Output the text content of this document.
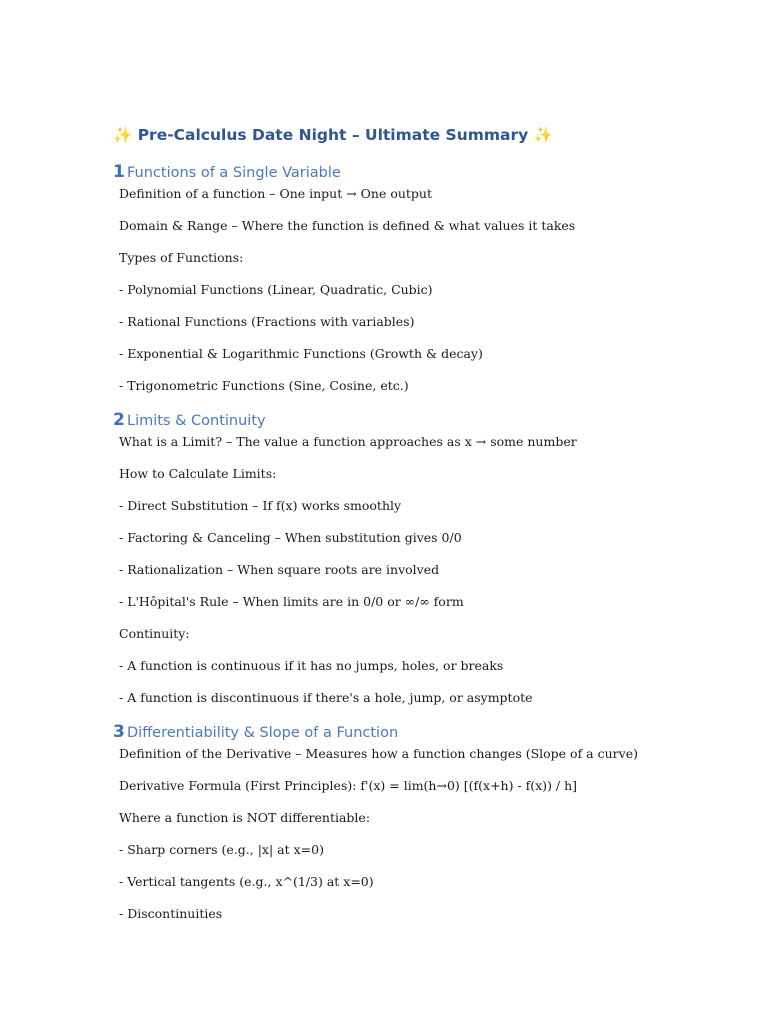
✨ Pre-Calculus Date Night – Ultimate Summary ✨
1 Functions of a Single Variable
Definition of a function – One input → One output
Domain & Range – Where the function is defined & what values it takes
Types of Functions:
- Polynomial Functions (Linear, Quadratic, Cubic)
- Rational Functions (Fractions with variables)
- Exponential & Logarithmic Functions (Growth & decay)
- Trigonometric Functions (Sine, Cosine, etc.)
2 Limits & Continuity
What is a Limit? – The value a function approaches as x → some number
How to Calculate Limits:
- Direct Substitution – If f(x) works smoothly
- Factoring & Canceling – When substitution gives 0/0
- Rationalization – When square roots are involved
- L'Hôpital's Rule – When limits are in 0/0 or ∞/∞ form
Continuity:
- A function is continuous if it has no jumps, holes, or breaks
- A function is discontinuous if there's a hole, jump, or asymptote
3 Differentiability & Slope of a Function
Definition of the Derivative – Measures how a function changes (Slope of a curve)
Derivative Formula (First Principles): f'(x) = lim(h→0) [(f(x+h) - f(x)) / h]
Where a function is NOT differentiable:
- Sharp corners (e.g., |x| at x=0)
- Vertical tangents (e.g., x^(1/3) at x=0)
- Discontinuities
